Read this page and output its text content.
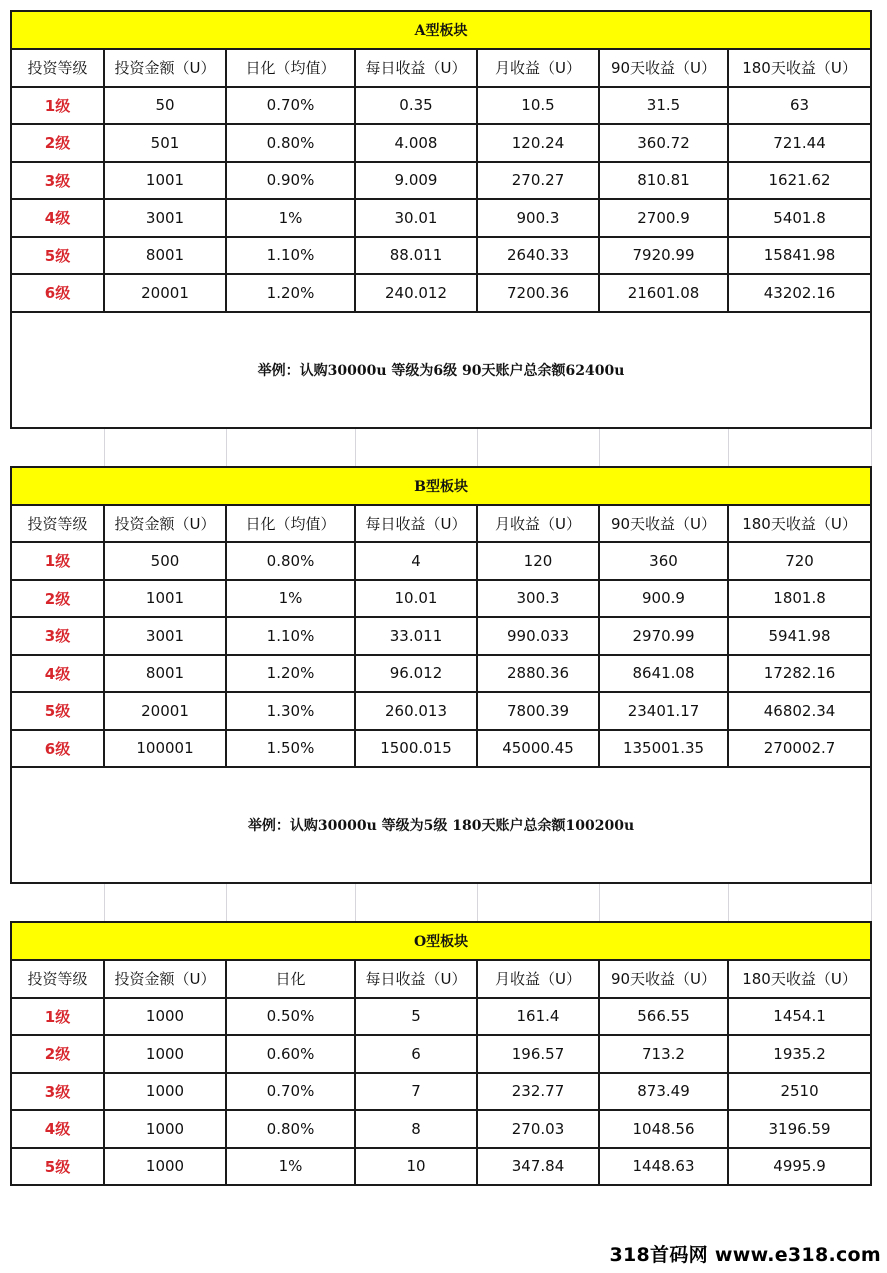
A型板块						
投资等级	投资金额（U）	日化（均值）	每日收益（U）	月收益（U）	90天收益（U）	180天收益（U）
1级	50	0.70%	0.35	10.5	31.5	63
2级	501	0.80%	4.008	120.24	360.72	721.44
3级	1001	0.90%	9.009	270.27	810.81	1621.62
4级	3001	1%	30.01	900.3	2700.9	5401.8
5级	8001	1.10%	88.011	2640.33	7920.99	15841.98
6级	20001	1.20%	240.012	7200.36	21601.08	43202.16
举例：认购30000u 等级为6级 90天账户总余额62400u						

B型板块						
投资等级	投资金额（U）	日化（均值）	每日收益（U）	月收益（U）	90天收益（U）	180天收益（U）
1级	500	0.80%	4	120	360	720
2级	1001	1%	10.01	300.3	900.9	1801.8
3级	3001	1.10%	33.011	990.033	2970.99	5941.98
4级	8001	1.20%	96.012	2880.36	8641.08	17282.16
5级	20001	1.30%	260.013	7800.39	23401.17	46802.34
6级	100001	1.50%	1500.015	45000.45	135001.35	270002.7
举例：认购30000u 等级为5级 180天账户总余额100200u						

O型板块						
投资等级	投资金额（U）	日化	每日收益（U）	月收益（U）	90天收益（U）	180天收益（U）
1级	1000	0.50%	5	161.4	566.55	1454.1
2级	1000	0.60%	6	196.57	713.2	1935.2
3级	1000	0.70%	7	232.77	873.49	2510
4级	1000	0.80%	8	270.03	1048.56	3196.59
5级	1000	1%	10	347.84	1448.63	4995.9
318首码网 www.e318.com
